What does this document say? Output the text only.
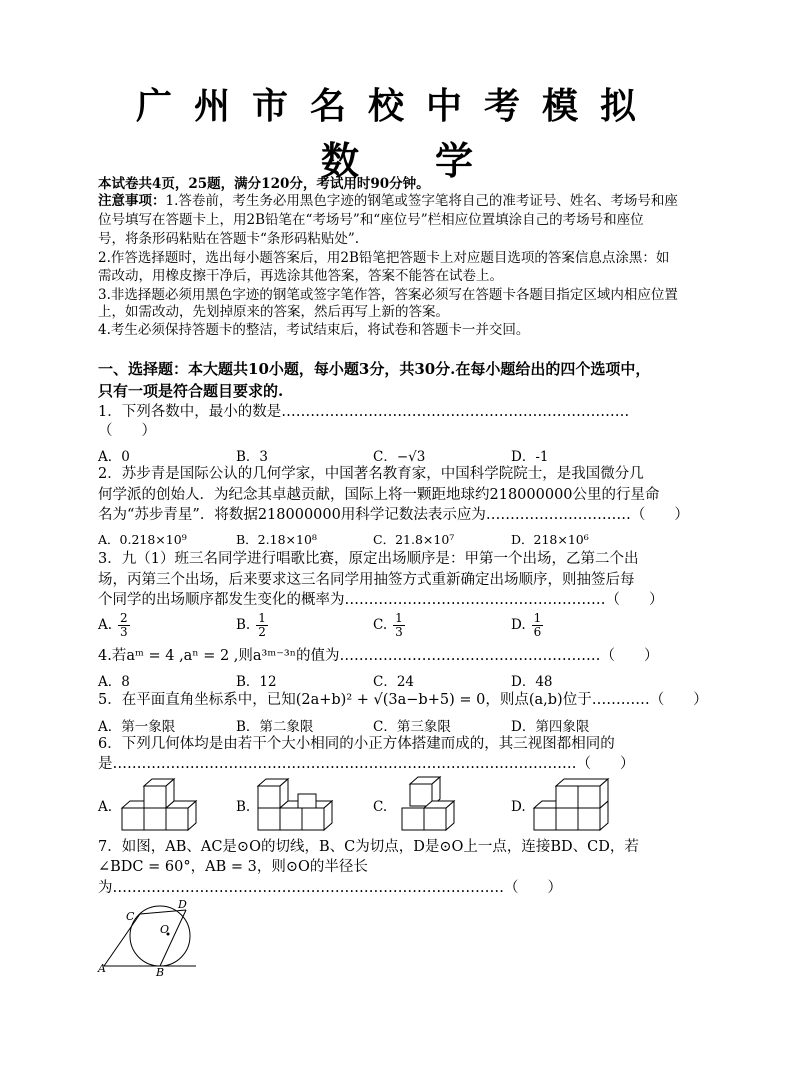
广州市名校中考模拟
数 学
本试卷共4页，25题，满分120分，考试用时90分钟。
注意事项：1.答卷前，考生务必用黑色字迹的钢笔或签字笔将自己的准考证号、姓名、考场号和座
位号填写在答题卡上，用2B铅笔在“考场号”和“座位号”栏相应位置填涂自己的考场号和座位
号，将条形码粘贴在答题卡“条形码粘贴处”.
2.作答选择题时，选出每小题答案后，用2B铅笔把答题卡上对应题目选项的答案信息点涂黑：如
需改动，用橡皮擦干净后，再选涂其他答案，答案不能答在试卷上。
3.非选择题必须用黑色字迹的钢笔或签字笔作答，答案必须写在答题卡各题目指定区域内相应位置
上，如需改动，先划掉原来的答案，然后再写上新的答案。
4.考生必须保持答题卡的整洁，考试结束后，将试卷和答题卡一并交回。
一、选择题：本大题共10小题，每小题3分，共30分.在每小题给出的四个选项中，
只有一项是符合题目要求的.
1．下列各数中，最小的数是………………………………………………………………
（　　）
A．0	B．3	C．−√3	D．-1
2．苏步青是国际公认的几何学家，中国著名教育家，中国科学院院士，是我国微分几
何学派的创始人．为纪念其卓越贡献，国际上将一颗距地球约218000000公里的行星命
名为“苏步青星”．将数据218000000用科学记数法表示应为…………………………（　　）
A．0.218×10⁹	B．2.18×10⁸	C．21.8×10⁷	D．218×10⁶
3．九（1）班三名同学进行唱歌比赛，原定出场顺序是：甲第一个出场，乙第二个出
场，丙第三个出场，后来要求这三名同学用抽签方式重新确定出场顺序，则抽签后每
个同学的出场顺序都发生变化的概率为………………………………………………（　　）
A. $\frac{2}{3}$	B. $\frac{1}{2}$	C. $\frac{1}{3}$	D. $\frac{1}{6}$
4.若aᵐ = 4 ,aⁿ = 2 ,则a³ᵐ⁻³ⁿ的值为………………………………………………（　　）
A．8	B．12	C．24	D．48
5．在平面直角坐标系中，已知(2a+b)² + √(3a−b+5) = 0，则点(a,b)位于…………（　　）
A．第一象限	B．第二象限	C．第三象限	D．第四象限
6．下列几何体均是由若干个大小相同的小正方体搭建而成的，其三视图都相同的
是……………………………………………………………………………………（　　）
A.	B.	C.	D.
7．如图，AB、AC是⊙O的切线，B、C为切点，D是⊙O上一点，连接BD、CD，若
∠BDC = 60°，AB = 3，则⊙O的半径长
为………………………………………………………………………（　　）
C
D
O
A	B
